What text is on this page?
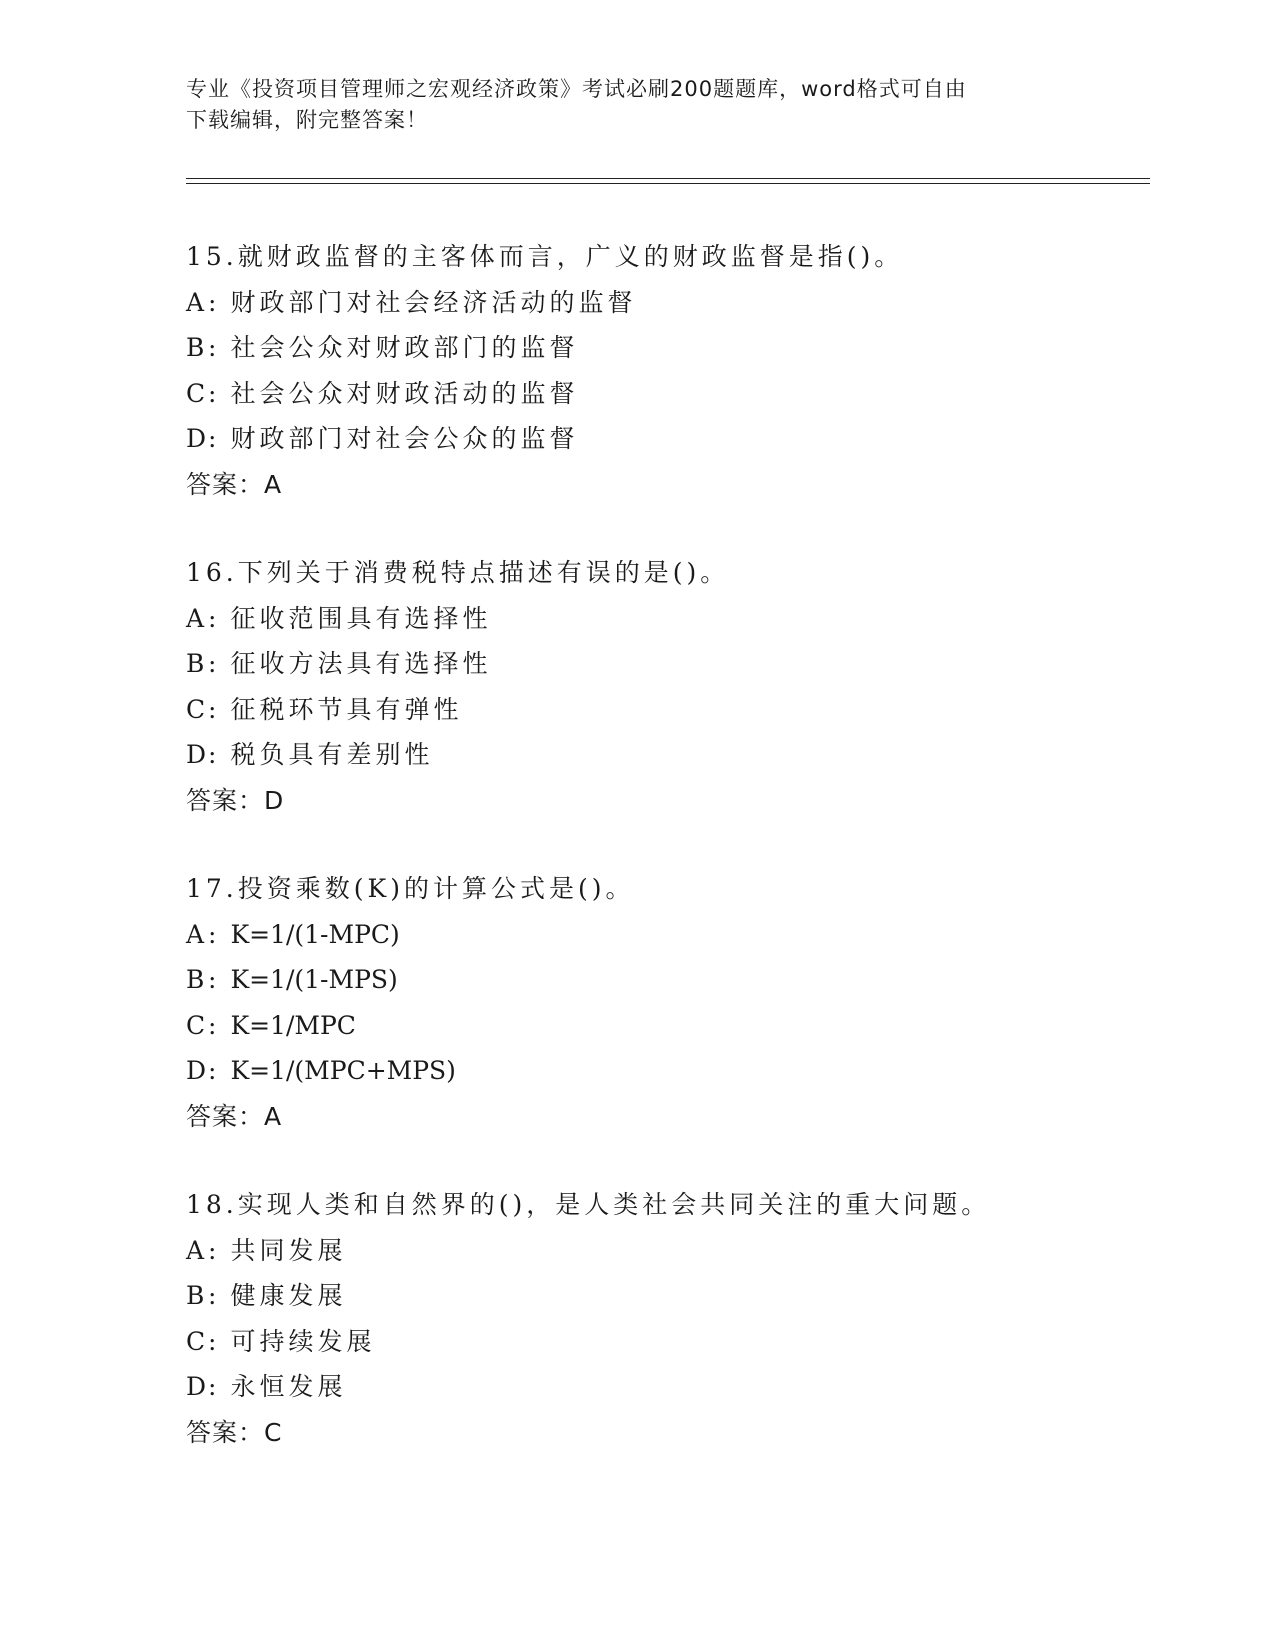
专业《投资项目管理师之宏观经济政策》考试必刷200题题库，word格式可自由
下载编辑，附完整答案！
15.就财政监督的主客体而言，广义的财政监督是指()。
A : 财政部门对社会经济活动的监督
B : 社会公众对财政部门的监督
C : 社会公众对财政活动的监督
D: 财政部门对社会公众的监督
答案：A
16.下列关于消费税特点描述有误的是()。
A : 征收范围具有选择性
B : 征收方法具有选择性
C : 征税环节具有弹性
D: 税负具有差别性
答案：D
17.投资乘数(K)的计算公式是()。
A : K=1/(1-MPC)
B : K=1/(1-MPS)
C : K=1/MPC
D: K=1/(MPC+MPS)
答案：A
18.实现人类和自然界的()，是人类社会共同关注的重大问题。
A : 共同发展
B : 健康发展
C : 可持续发展
D: 永恒发展
答案：C
